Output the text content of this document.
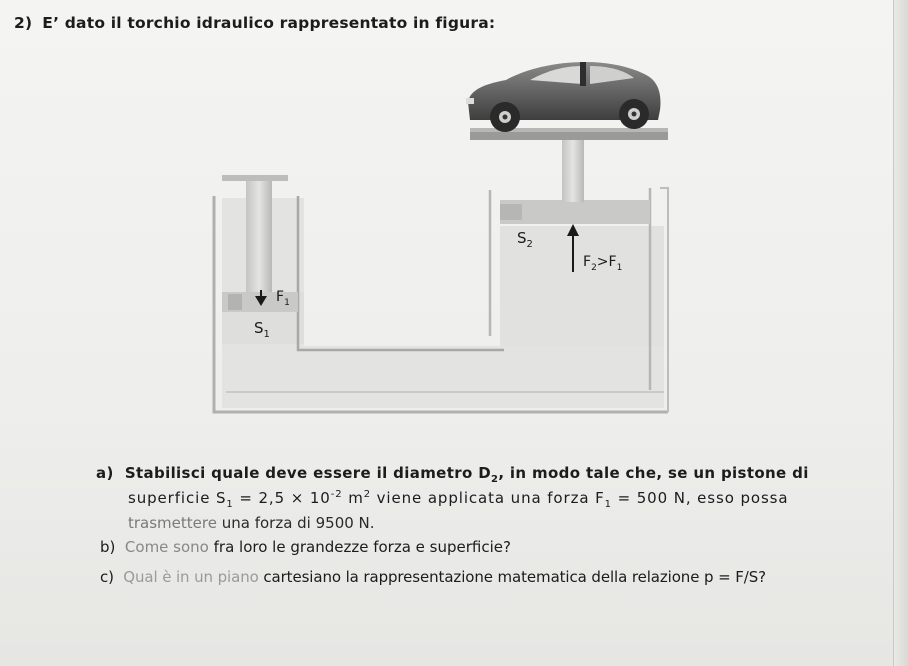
2) E’ dato il torchio idraulico rappresentato in figura:
$S_2$
$F_2>F_1$
$F_1$
$S_1$
a) Stabilisci quale deve essere il diametro $D_2$, in modo tale che, se un pistone di
superficie $S_1 = 2,5 \times 10^{-2}$ $m^2$ viene applicata una forza $F_1 = 500$ N, esso possa
trasmettere una forza di 9500 N.
b) Come sono fra loro le grandezze forza e superficie?
c) Qual è in un piano cartesiano la rappresentazione matematica della relazione p = F/S?
